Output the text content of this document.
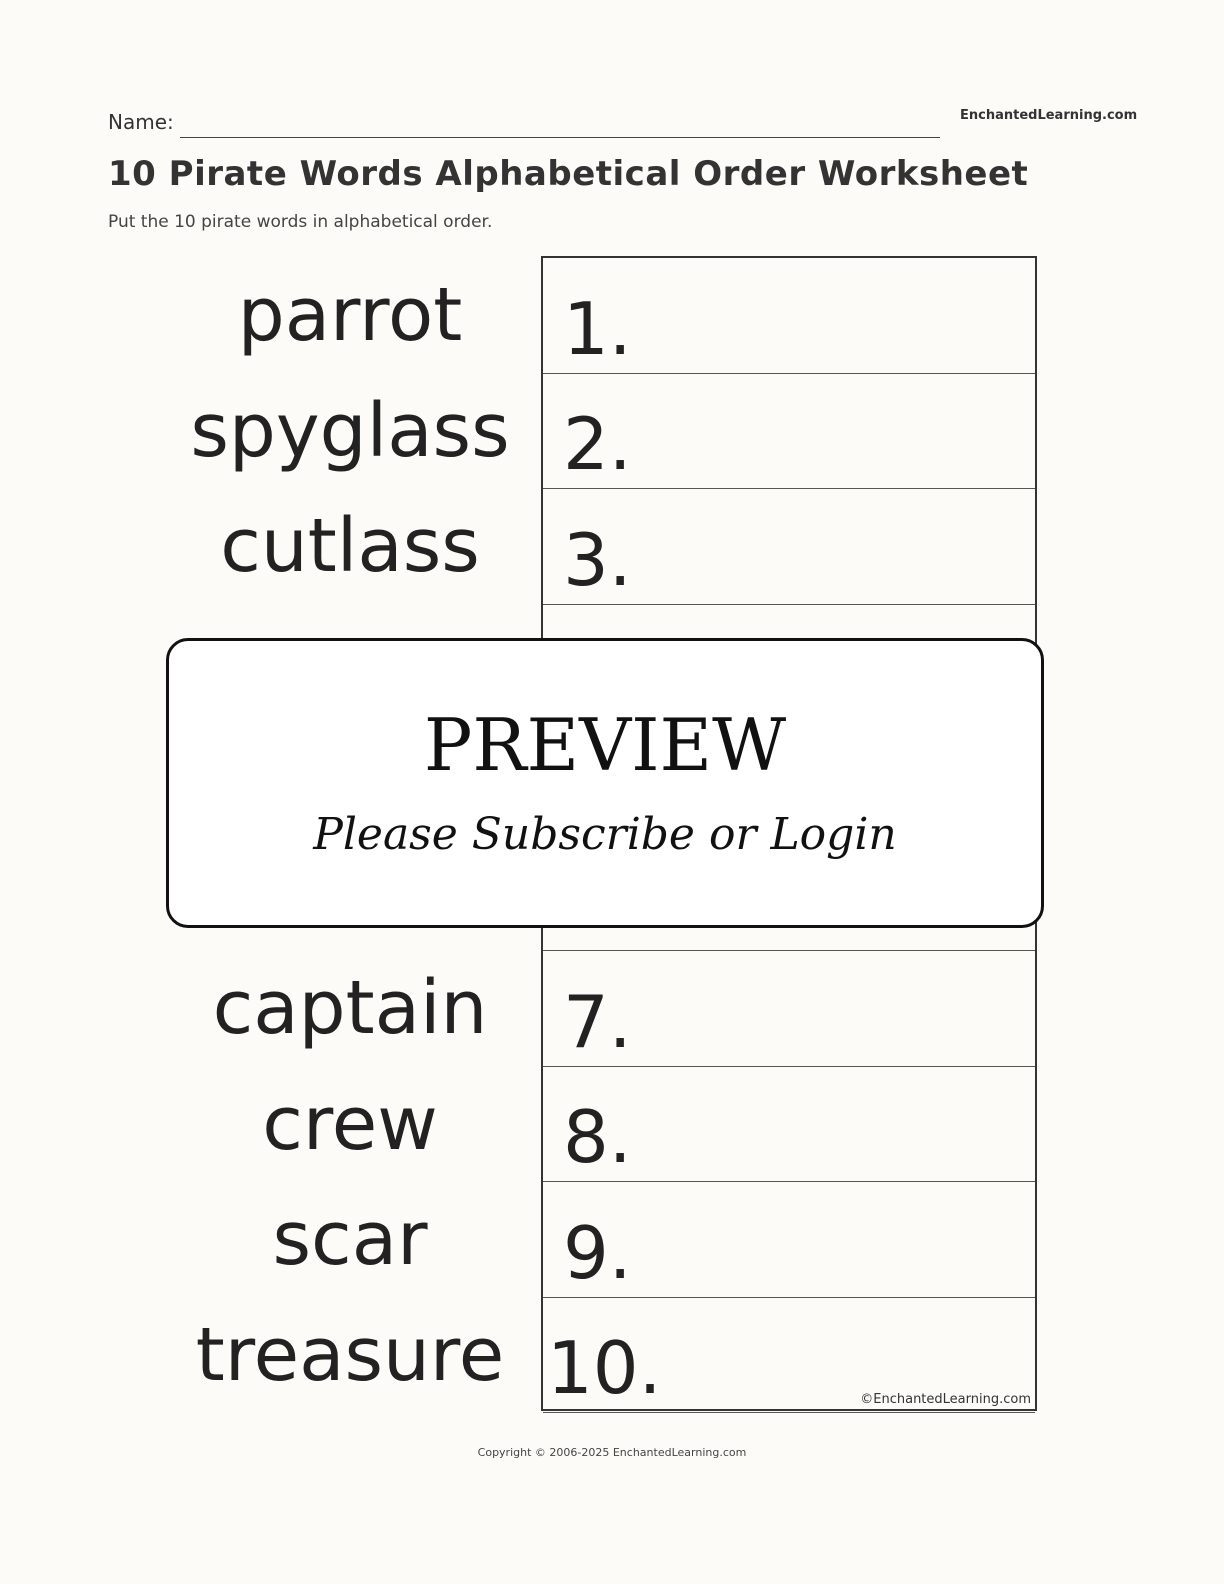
Name:	EnchantedLearning.com
10 Pirate Words Alphabetical Order Worksheet
Put the 10 pirate words in alphabetical order.
parrot
spyglass
cutlass
captain
crew
scar
treasure
1.
2.
3.
7.
8.
9.
10.	©EnchantedLearning.com
PREVIEW
Please Subscribe or Login
Copyright © 2006-2025 EnchantedLearning.com
